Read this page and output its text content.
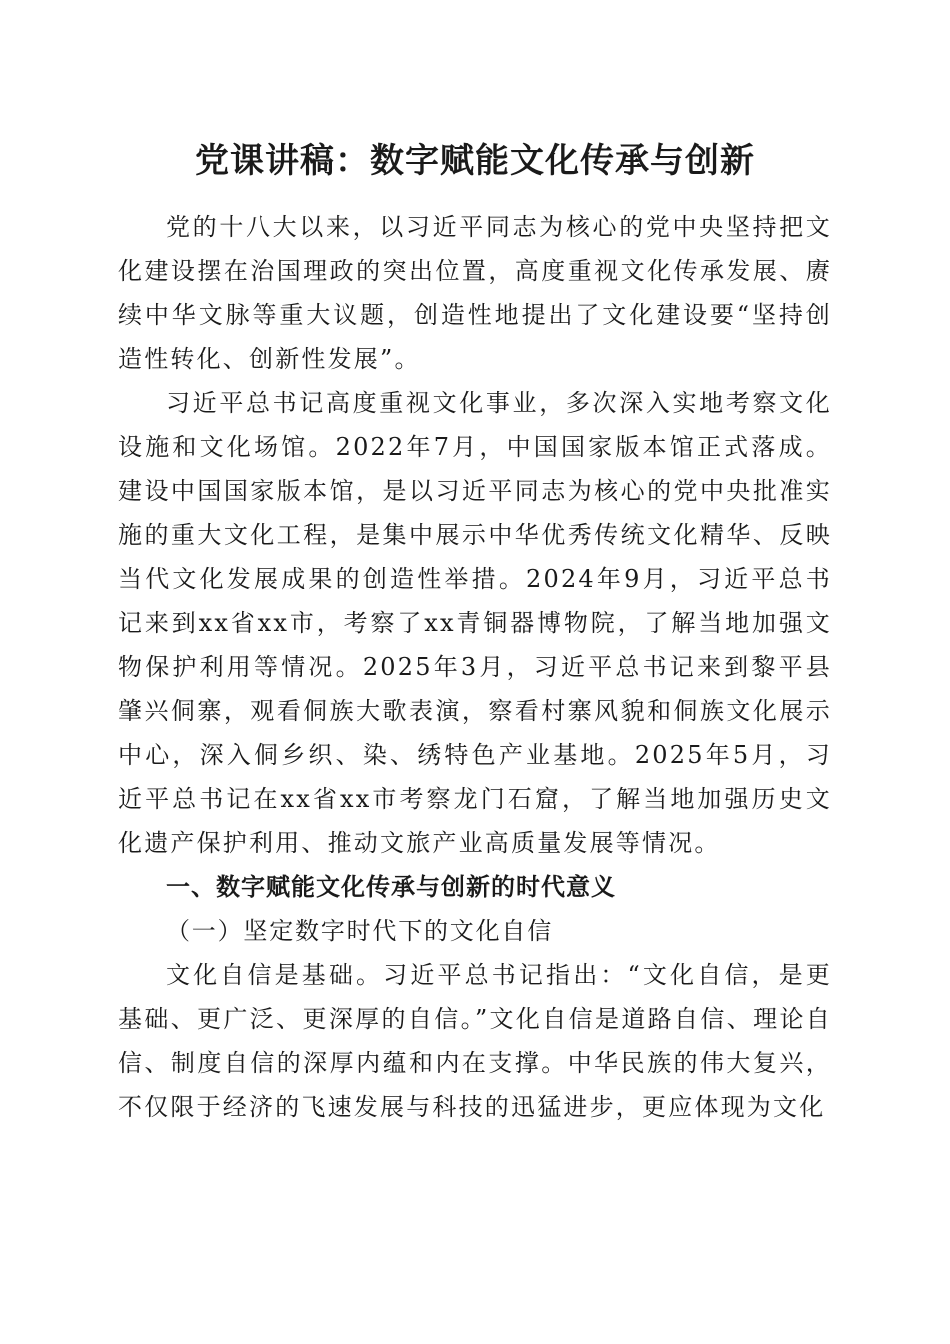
党课讲稿：数字赋能文化传承与创新

党的十八大以来，以习近平同志为核心的党中央坚持把文化建设摆在治国理政的突出位置，高度重视文化传承发展、赓续中华文脉等重大议题，创造性地提出了文化建设要“坚持创造性转化、创新性发展”。

习近平总书记高度重视文化事业，多次深入实地考察文化设施和文化场馆。2022年7月，中国国家版本馆正式落成。建设中国国家版本馆，是以习近平同志为核心的党中央批准实施的重大文化工程，是集中展示中华优秀传统文化精华、反映当代文化发展成果的创造性举措。2024年9月，习近平总书记来到xx省xx市，考察了xx青铜器博物院，了解当地加强文物保护利用等情况。2025年3月，习近平总书记来到黎平县肇兴侗寨，观看侗族大歌表演，察看村寨风貌和侗族文化展示中心，深入侗乡织、染、绣特色产业基地。2025年5月，习近平总书记在xx省xx市考察龙门石窟，了解当地加强历史文化遗产保护利用、推动文旅产业高质量发展等情况。

一、数字赋能文化传承与创新的时代意义
（一）坚定数字时代下的文化自信

文化自信是基础。习近平总书记指出：“文化自信，是更基础、更广泛、更深厚的自信。”文化自信是道路自信、理论自信、制度自信的深厚内蕴和内在支撑。中华民族的伟大复兴，不仅限于经济的飞速发展与科技的迅猛进步，更应体现为文化
